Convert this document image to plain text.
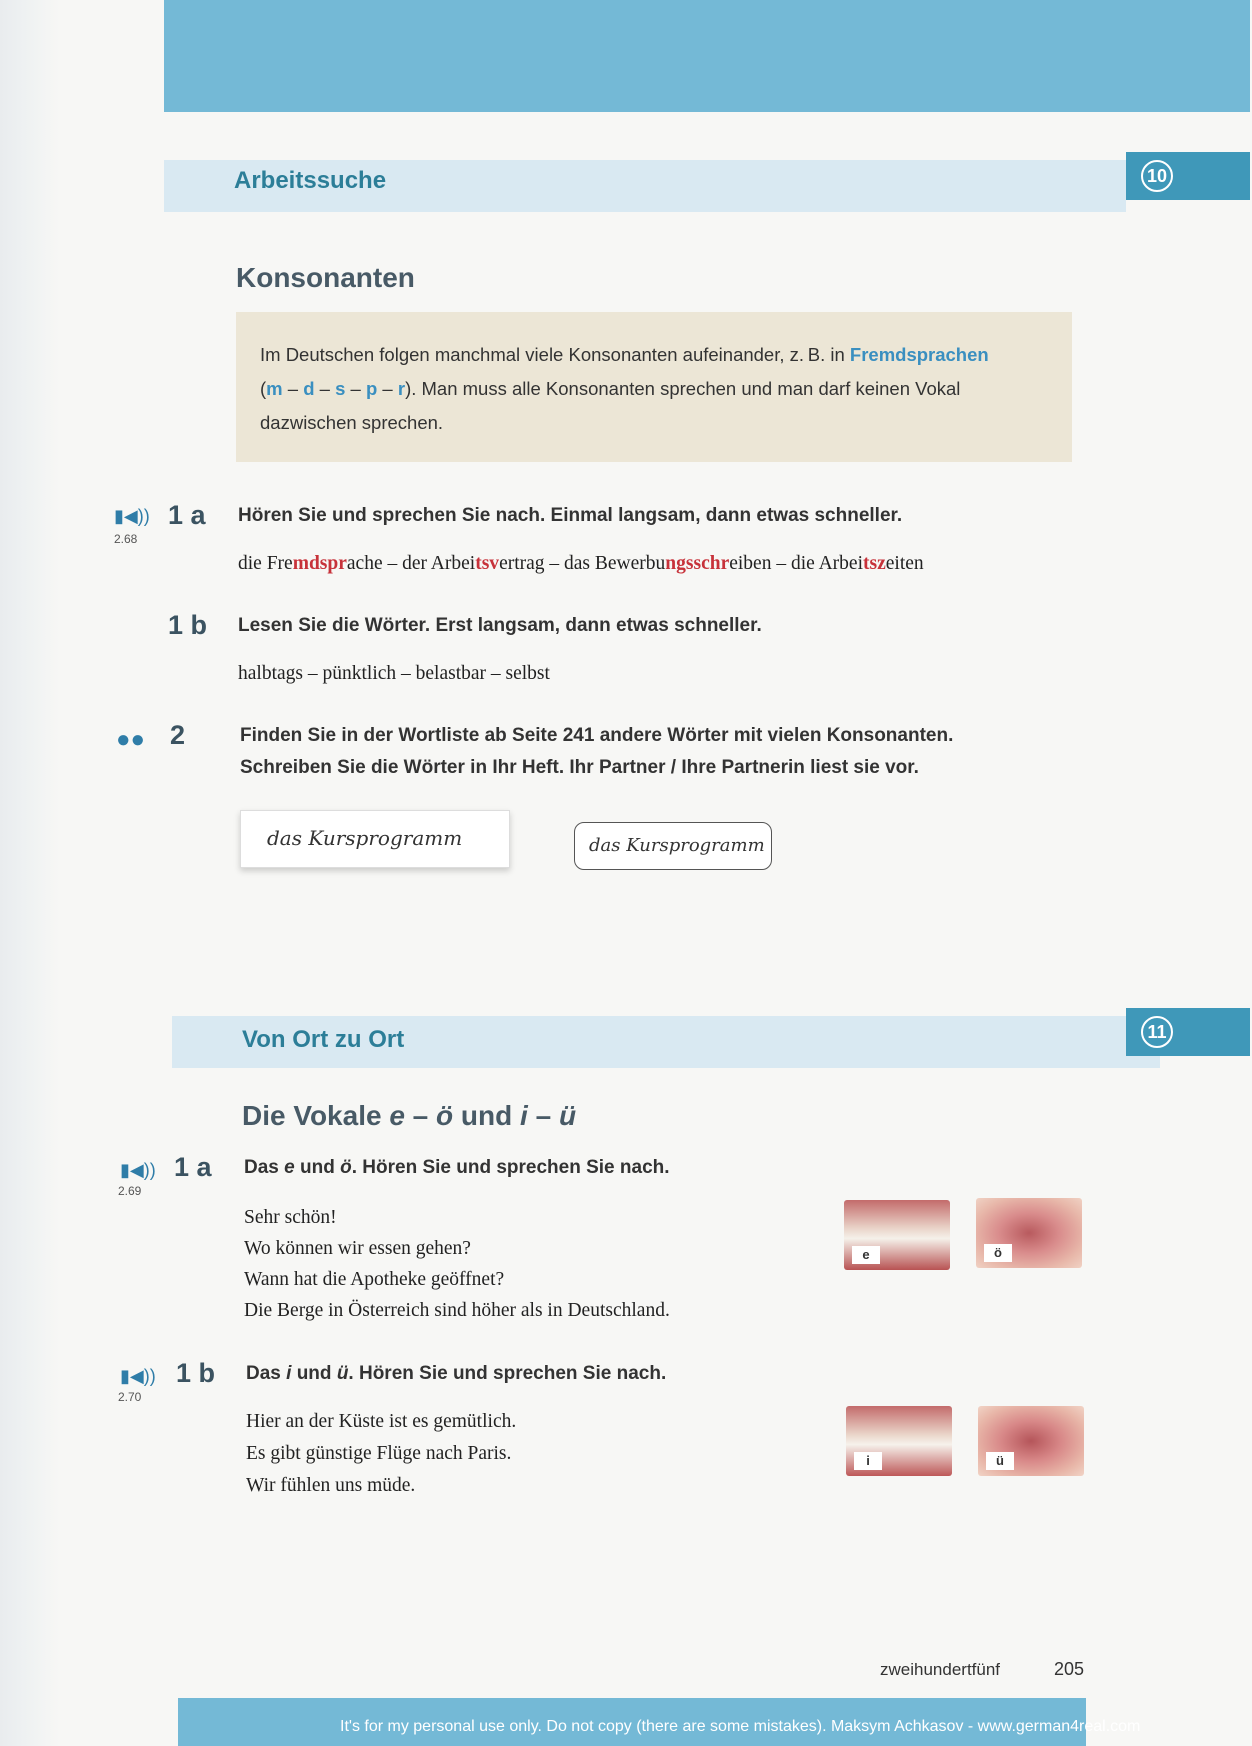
Arbeitssuche	10
Konsonanten
Im Deutschen folgen manchmal viele Konsonanten aufeinander, z. B. in Fremdsprachen
(m – d – s – p – r). Man muss alle Konsonanten sprechen und man darf keinen Vokal dazwischen sprechen.
▮◀))
2.68
1 a Hören Sie und sprechen Sie nach. Einmal langsam, dann etwas schneller.
die Fremdsprache – der Arbeitsvertrag – das Bewerbungsschreiben – die Arbeitszeiten
1 b Lesen Sie die Wörter. Erst langsam, dann etwas schneller.
halbtags – pünktlich – belastbar – selbst
●● 2	Finden Sie in der Wortliste ab Seite 241 andere Wörter mit vielen Konsonanten.
Schreiben Sie die Wörter in Ihr Heft. Ihr Partner / Ihre Partnerin liest sie vor.
das Kursprogramm	das Kursprogramm
Von Ort zu Ort	11
Die Vokale e – ö und i – ü
▮◀))
2.69
1 a Das e und ö. Hören Sie und sprechen Sie nach.
Sehr schön!
Wo können wir essen gehen?
Wann hat die Apotheke geöffnet?
Die Berge in Österreich sind höher als in Deutschland.
e	ö
▮◀))
2.70
1 b Das i und ü. Hören Sie und sprechen Sie nach.
Hier an der Küste ist es gemütlich.
Es gibt günstige Flüge nach Paris.
Wir fühlen uns müde.
i	ü
zweihundertfünf	205
It's for my personal use only. Do not copy (there are some mistakes). Maksym Achkasov - www.german4real.com
